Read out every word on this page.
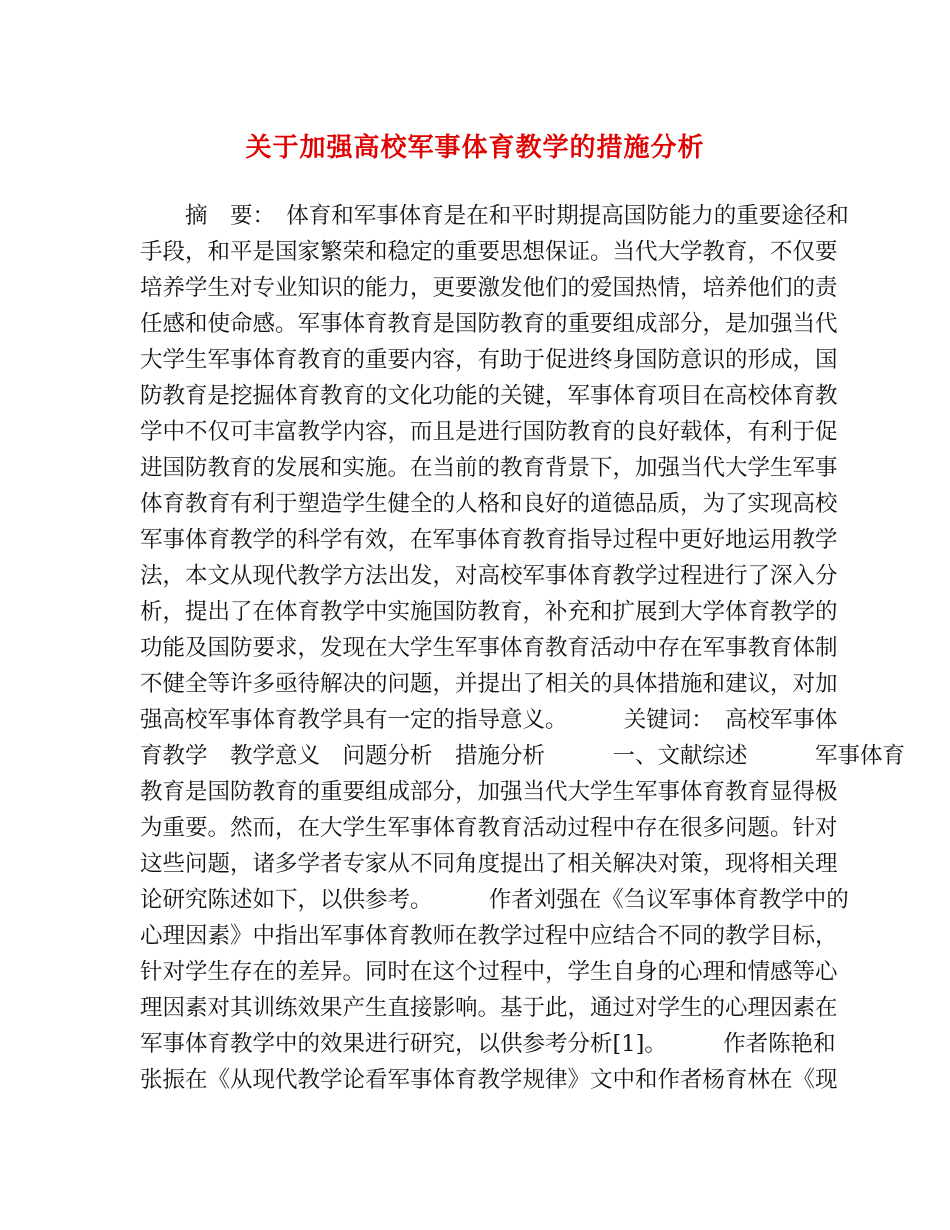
关于加强高校军事体育教学的措施分析
摘　要：　体育和军事体育是在和平时期提高国防能力的重要途径和
手段，和平是国家繁荣和稳定的重要思想保证。当代大学教育，不仅要
培养学生对专业知识的能力，更要激发他们的爱国热情，培养他们的责
任感和使命感。军事体育教育是国防教育的重要组成部分，是加强当代
大学生军事体育教育的重要内容，有助于促进终身国防意识的形成，国
防教育是挖掘体育教育的文化功能的关键，军事体育项目在高校体育教
学中不仅可丰富教学内容，而且是进行国防教育的良好载体，有利于促
进国防教育的发展和实施。在当前的教育背景下，加强当代大学生军事
体育教育有利于塑造学生健全的人格和良好的道德品质，为了实现高校
军事体育教学的科学有效，在军事体育教育指导过程中更好地运用教学
法，本文从现代教学方法出发，对高校军事体育教学过程进行了深入分
析，提出了在体育教学中实施国防教育，补充和扩展到大学体育教学的
功能及国防要求，发现在大学生军事体育教育活动中存在军事教育体制
不健全等许多亟待解决的问题，并提出了相关的具体措施和建议，对加
强高校军事体育教学具有一定的指导意义。　　　关键词：　高校军事体
育教学　教学意义　问题分析　措施分析　　　一、文献综述　　　军事体育
教育是国防教育的重要组成部分，加强当代大学生军事体育教育显得极
为重要。然而，在大学生军事体育教育活动过程中存在很多问题。针对
这些问题，诸多学者专家从不同角度提出了相关解决对策，现将相关理
论研究陈述如下，以供参考。　　　作者刘强在《刍议军事体育教学中的
心理因素》中指出军事体育教师在教学过程中应结合不同的教学目标，
针对学生存在的差异。同时在这个过程中，学生自身的心理和情感等心
理因素对其训练效果产生直接影响。基于此，通过对学生的心理因素在
军事体育教学中的效果进行研究，以供参考分析[1]。　　　作者陈艳和
张振在《从现代教学论看军事体育教学规律》文中和作者杨育林在《现
